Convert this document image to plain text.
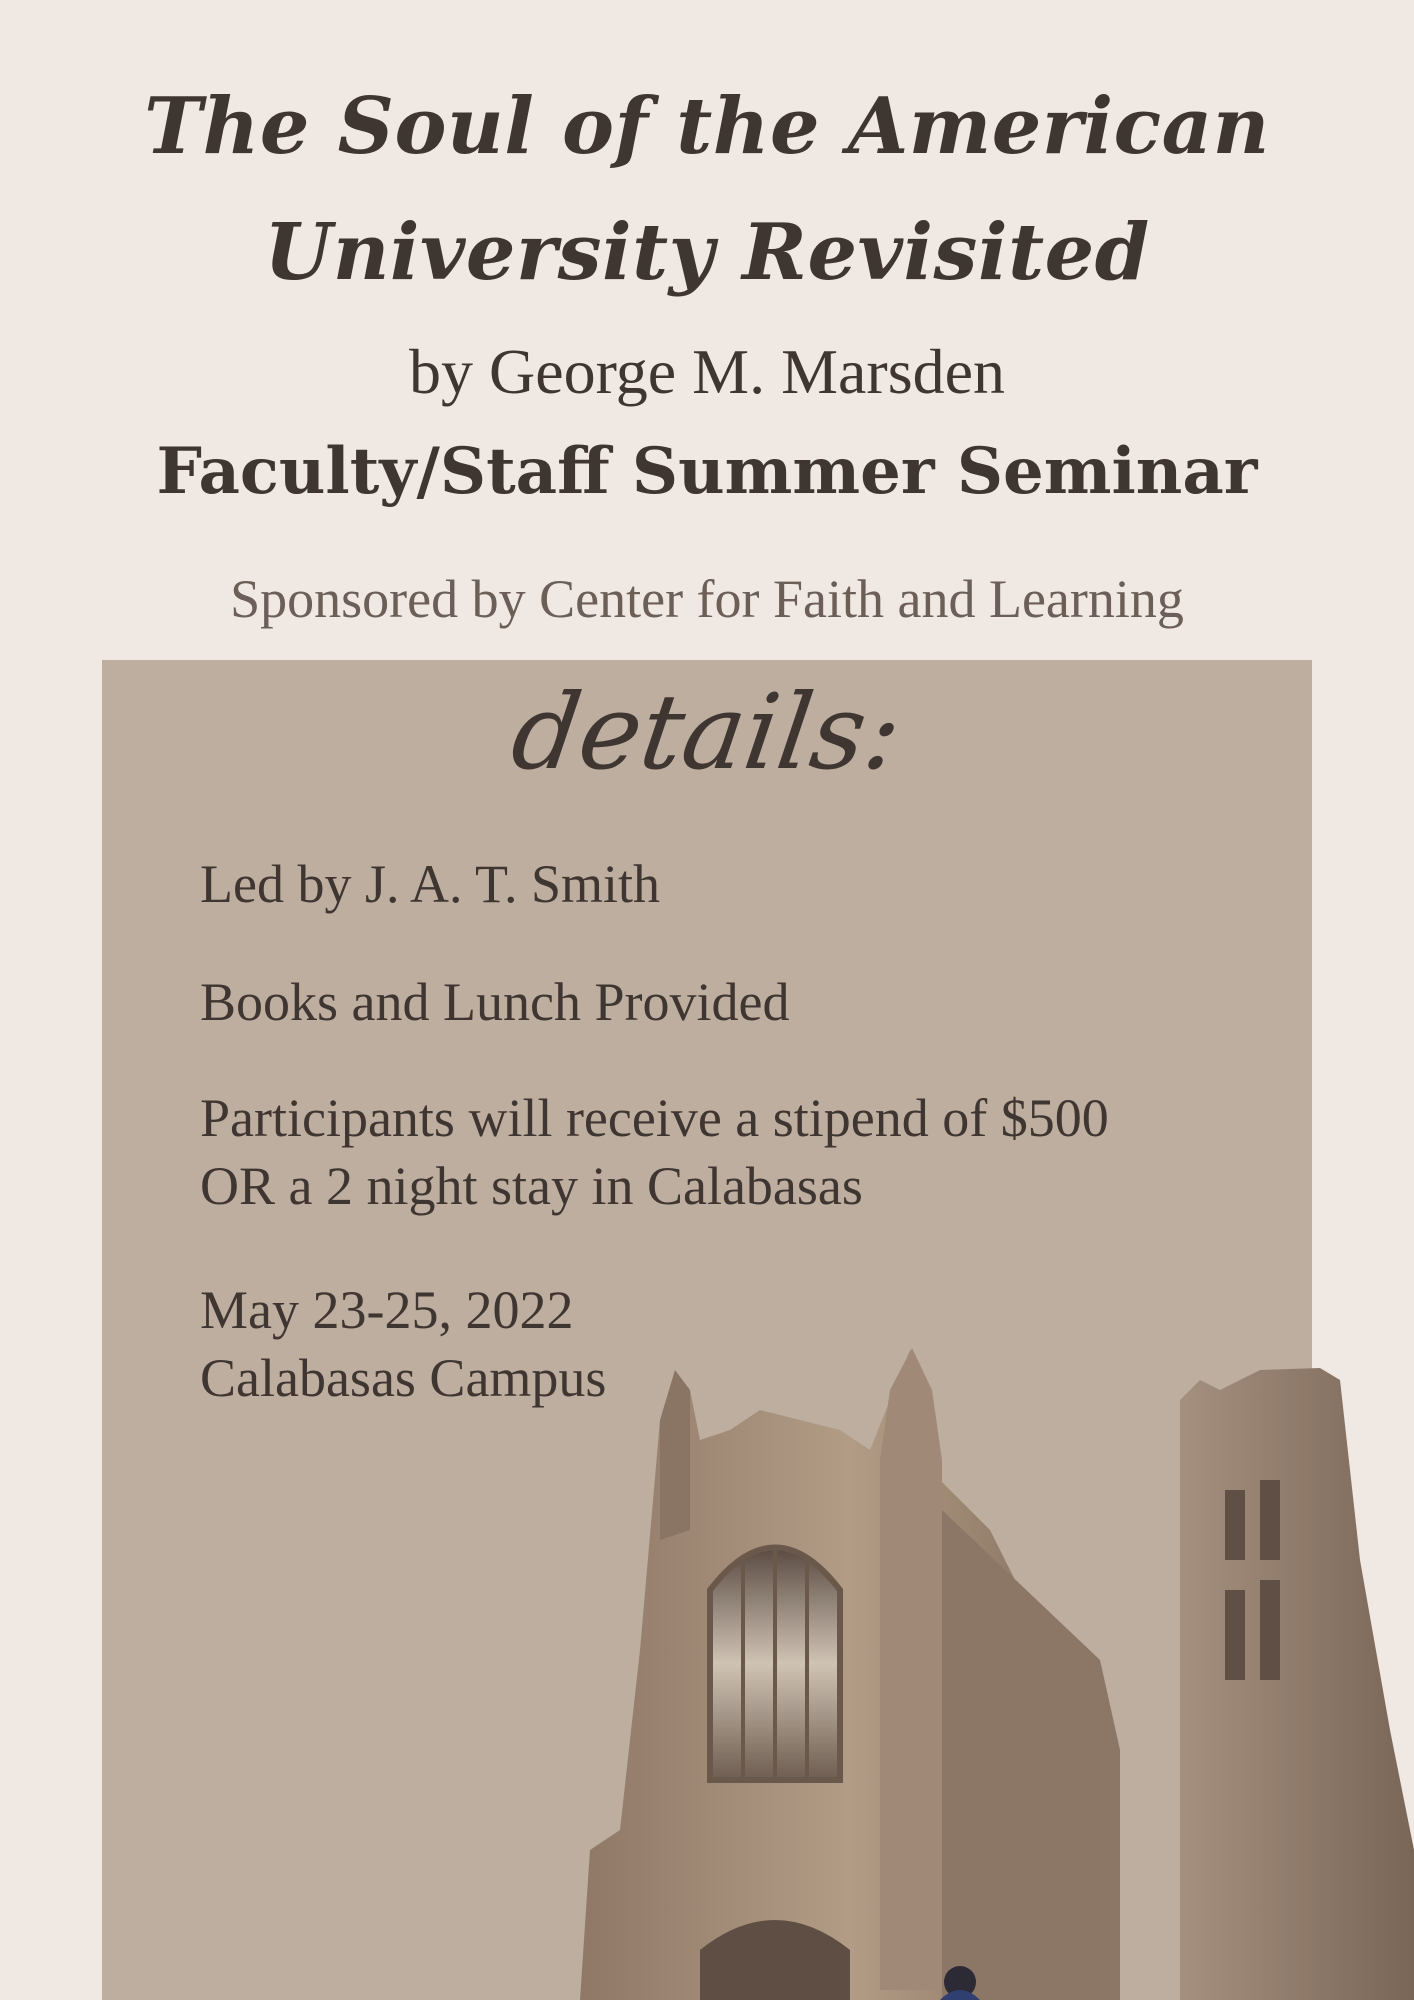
The Soul of the American
University Revisited
by George M. Marsden
Faculty/Staff Summer Seminar
Sponsored by Center for Faith and Learning
details:
Led by J. A. T. Smith
Books and Lunch Provided
Participants will receive a stipend of $500
OR a 2 night stay in Calabasas
May 23-25, 2022
Calabasas Campus
